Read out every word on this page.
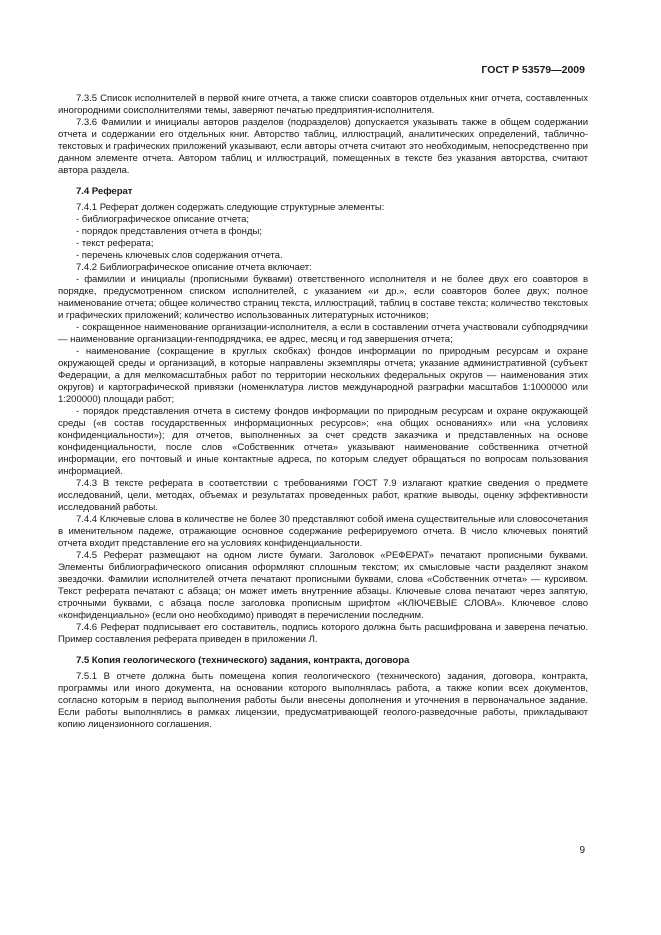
ГОСТ Р 53579—2009

7.3.5 Список исполнителей в первой книге отчета, а также списки соавторов отдельных книг отчета, составленных иногородними соисполнителями темы, заверяют печатью предприятия-исполнителя.

7.3.6 Фамилии и инициалы авторов разделов (подразделов) допускается указывать также в общем содержании отчета и содержании его отдельных книг. Авторство таблиц, иллюстраций, аналитических определений, таблично-текстовых и графических приложений указывают, если авторы отчета считают это необходимым, непосредственно при данном элементе отчета. Автором таблиц и иллюстраций, помещенных в тексте без указания авторства, считают автора раздела.

7.4 Реферат

7.4.1 Реферат должен содержать следующие структурные элементы:

- библиографическое описание отчета;

- порядок представления отчета в фонды;

- текст реферата;

- перечень ключевых слов содержания отчета.

7.4.2 Библиографическое описание отчета включает:

- фамилии и инициалы (прописными буквами) ответственного исполнителя и не более двух его соавторов в порядке, предусмотренном списком исполнителей, с указанием «и др.», если соавторов более двух; полное наименование отчета; общее количество страниц текста, иллюстраций, таблиц в составе текста; количество текстовых и графических приложений; количество использованных литературных источников;

- сокращенное наименование организации-исполнителя, а если в составлении отчета участвовали субподрядчики — наименование организации-генподрядчика, ее адрес, месяц и год завершения отчета;

- наименование (сокращение в круглых скобках) фондов информации по природным ресурсам и охране окружающей среды и организаций, в которые направлены экземпляры отчета; указание административной (субъект Федерации, а для мелкомасштабных работ по территории нескольких федеральных округов — наименования этих округов) и картографической привязки (номенклатура листов международной разграфки масштабов 1:1000000 или 1:200000) площади работ;

- порядок представления отчета в систему фондов информации по природным ресурсам и охране окружающей среды («в состав государственных информационных ресурсов»; «на общих основаниях» или «на условиях конфиденциальности»); для отчетов, выполненных за счет средств заказчика и представленных на основе конфиденциальности, после слов «Собственник отчета» указывают наименование собственника отчетной информации, его почтовый и иные контактные адреса, по которым следует обращаться по вопросам пользования информацией.

7.4.3 В тексте реферата в соответствии с требованиями ГОСТ 7.9 излагают краткие сведения о предмете исследований, цели, методах, объемах и результатах проведенных работ, краткие выводы, оценку эффективности исследований работы.

7.4.4 Ключевые слова в количестве не более 30 представляют собой имена существительные или словосочетания в именительном падеже, отражающие основное содержание реферируемого отчета. В число ключевых понятий отчета входит представление его на условиях конфиденциальности.

7.4.5 Реферат размещают на одном листе бумаги. Заголовок «РЕФЕРАТ» печатают прописными буквами. Элементы библиографического описания оформляют сплошным текстом; их смысловые части разделяют знаком звездочки. Фамилии исполнителей отчета печатают прописными буквами, слова «Собственник отчета» — курсивом. Текст реферата печатают с абзаца; он может иметь внутренние абзацы. Ключевые слова печатают через запятую, строчными буквами, с абзаца после заголовка прописным шрифтом «КЛЮЧЕВЫЕ СЛОВА». Ключевое слово «конфиденциально» (если оно необходимо) приводят в перечислении последним.

7.4.6 Реферат подписывает его составитель, подпись которого должна быть расшифрована и заверена печатью. Пример составления реферата приведен в приложении Л.

7.5 Копия геологического (технического) задания, контракта, договора

7.5.1 В отчете должна быть помещена копия геологического (технического) задания, договора, контракта, программы или иного документа, на основании которого выполнялась работа, а также копии всех документов, согласно которым в период выполнения работы были внесены дополнения и уточнения в первоначальное задание. Если работы выполнялись в рамках лицензии, предусматривающей геолого-разведочные работы, прикладывают копию лицензионного соглашения.

9
